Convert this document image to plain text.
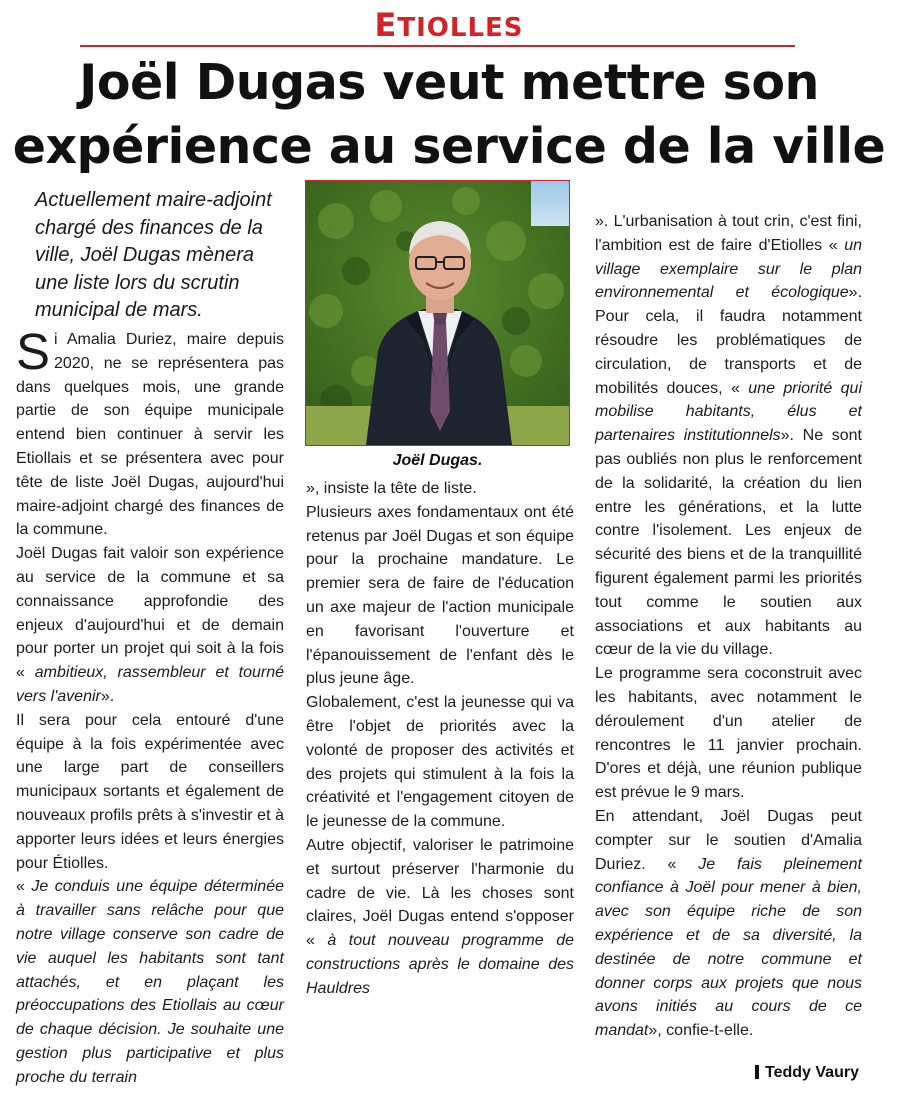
ETIOLLES
Joël Dugas veut mettre son
expérience au service de la ville
Actuellement maire-adjoint chargé des finances de la ville, Joël Dugas mènera une liste lors du scrutin municipal de mars.
Joël Dugas.

Si Amalia Duriez, maire depuis 2020, ne se représentera pas dans quelques mois, une grande partie de son équipe municipale entend bien continuer à servir les Etiollais et se présentera avec pour tête de liste Joël Dugas, aujourd'hui maire-adjoint chargé des finances de la commune.

Joël Dugas fait valoir son expérience au service de la commune et sa connaissance approfondie des enjeux d'aujourd'hui et de demain pour porter un projet qui soit à la fois « ambitieux, rassembleur et tourné vers l'avenir».

Il sera pour cela entouré d'une équipe à la fois expérimentée avec une large part de conseillers municipaux sortants et également de nouveaux profils prêts à s'investir et à apporter leurs idées et leurs énergies pour Étiolles.

« Je conduis une équipe déterminée à travailler sans relâche pour que notre village conserve son cadre de vie auquel les habitants sont tant attachés, et en plaçant les préoccupations des Etiollais au cœur de chaque décision. Je souhaite une gestion plus participative et plus proche du terrain

», insiste la tête de liste.

Plusieurs axes fondamentaux ont été retenus par Joël Dugas et son équipe pour la prochaine mandature. Le premier sera de faire de l'éducation un axe majeur de l'action municipale en favorisant l'ouverture et l'épanouissement de l'enfant dès le plus jeune âge.

Globalement, c'est la jeunesse qui va être l'objet de priorités avec la volonté de proposer des activités et des projets qui stimulent à la fois la créativité et l'engagement citoyen de le jeunesse de la commune.

Autre objectif, valoriser le patrimoine et surtout préserver l'harmonie du cadre de vie. Là les choses sont claires, Joël Dugas entend s'opposer « à tout nouveau programme de constructions après le domaine des Hauldres

». L'urbanisation à tout crin, c'est fini, l'ambition est de faire d'Etiolles « un village exemplaire sur le plan environnemental et écologique». Pour cela, il faudra notamment résoudre les problématiques de circulation, de transports et de mobilités douces, « une priorité qui mobilise habitants, élus et partenaires institutionnels». Ne sont pas oubliés non plus le renforcement de la solidarité, la création du lien entre les générations, et la lutte contre l'isolement. Les enjeux de sécurité des biens et de la tranquillité figurent également parmi les priorités tout comme le soutien aux associations et aux habitants au cœur de la vie du village.

Le programme sera coconstruit avec les habitants, avec notamment le déroulement d'un atelier de rencontres le 11 janvier prochain. D'ores et déjà, une réunion publique est prévue le 9 mars.

En attendant, Joël Dugas peut compter sur le soutien d'Amalia Duriez. « Je fais pleinement confiance à Joël pour mener à bien, avec son équipe riche de son expérience et de sa diversité, la destinée de notre commune et donner corps aux projets que nous avons initiés au cours de ce mandat», confie-t-elle.

Teddy Vaury
